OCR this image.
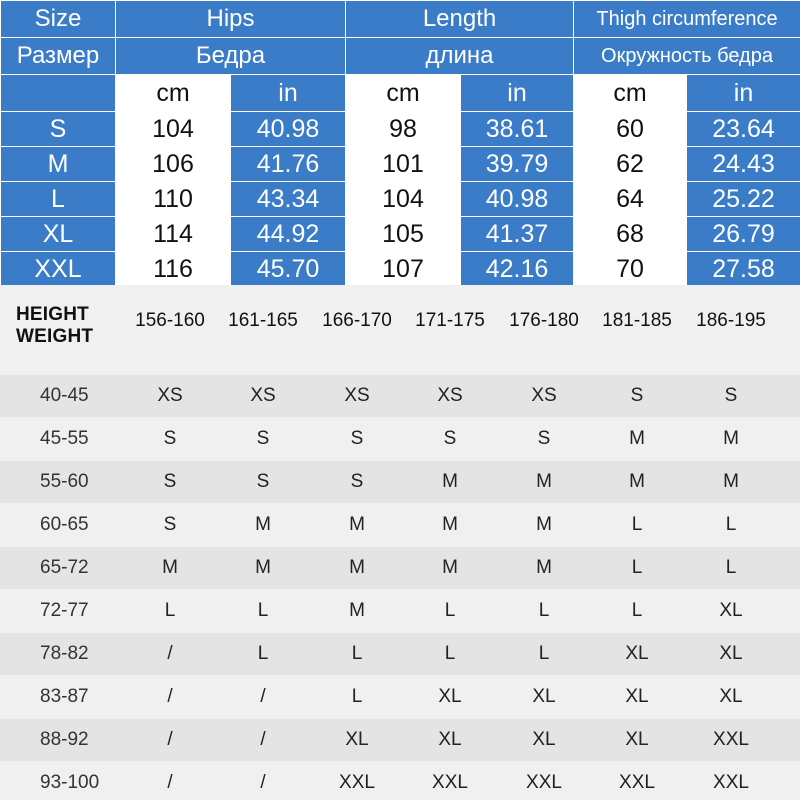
Size	Hips		Length		Thigh circumference	
Размер	Бедра		длина		Окружность бедра	
	cm	in	cm	in	cm	in
S	104	40.98	98	38.61	60	23.64
M	106	41.76	101	39.79	62	24.43
L	110	43.34	104	40.98	64	25.22
XL	114	44.92	105	41.37	68	26.79
XXL	116	45.70	107	42.16	70	27.58
HEIGHT
WEIGHT
156-160	161-165	166-170	171-175	176-180	181-185	186-195
40-45	XS	XS	XS	XS	XS	S	S
45-55	S	S	S	S	S	M	M
55-60	S	S	S	M	M	M	M
60-65	S	M	M	M	M	L	L
65-72	M	M	M	M	M	L	L
72-77	L	L	M	L	L	L	XL
78-82	/	L	L	L	L	XL	XL
83-87	/	/	L	XL	XL	XL	XL
88-92	/	/	XL	XL	XL	XL	XXL
93-100	/	/	XXL	XXL	XXL	XXL	XXL
